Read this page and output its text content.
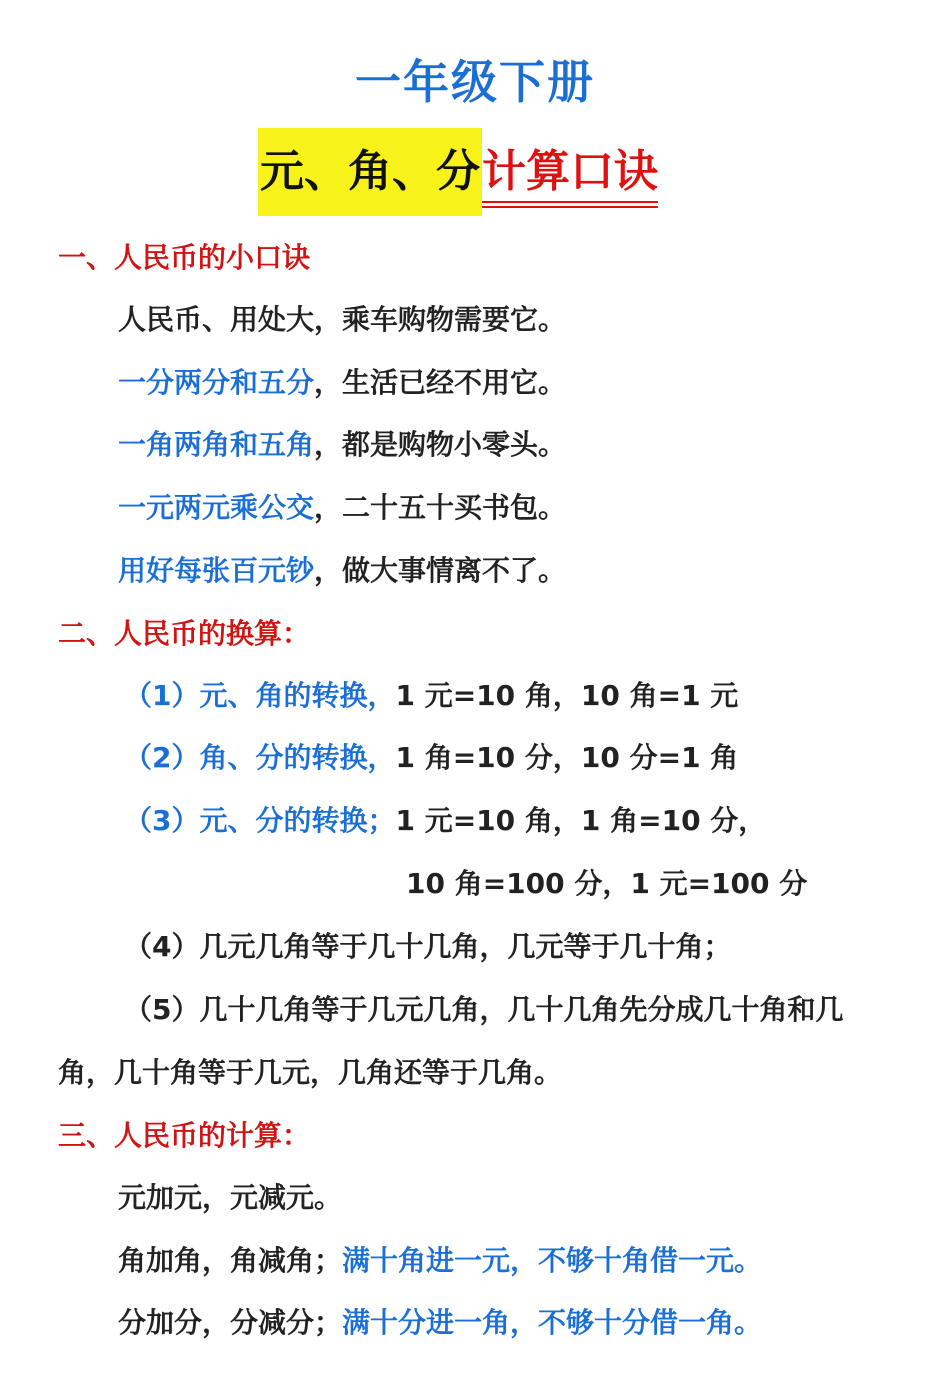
一年级下册
元、角、分计算口诀
一、人民币的小口诀
人民币、用处大，乘车购物需要它。
一分两分和五分，生活已经不用它。
一角两角和五角，都是购物小零头。
一元两元乘公交，二十五十买书包。
用好每张百元钞，做大事情离不了。
二、人民币的换算：
（1）元、角的转换，1 元=10 角，10 角=1 元
（2）角、分的转换，1 角=10 分，10 分=1 角
（3）元、分的转换；1 元=10 角，1 角=10 分，
10 角=100 分，1 元=100 分
（4）几元几角等于几十几角，几元等于几十角；
（5）几十几角等于几元几角，几十几角先分成几十角和几
角，几十角等于几元，几角还等于几角。
三、人民币的计算：
元加元，元减元。
角加角，角减角；满十角进一元，不够十角借一元。
分加分，分减分；满十分进一角，不够十分借一角。
